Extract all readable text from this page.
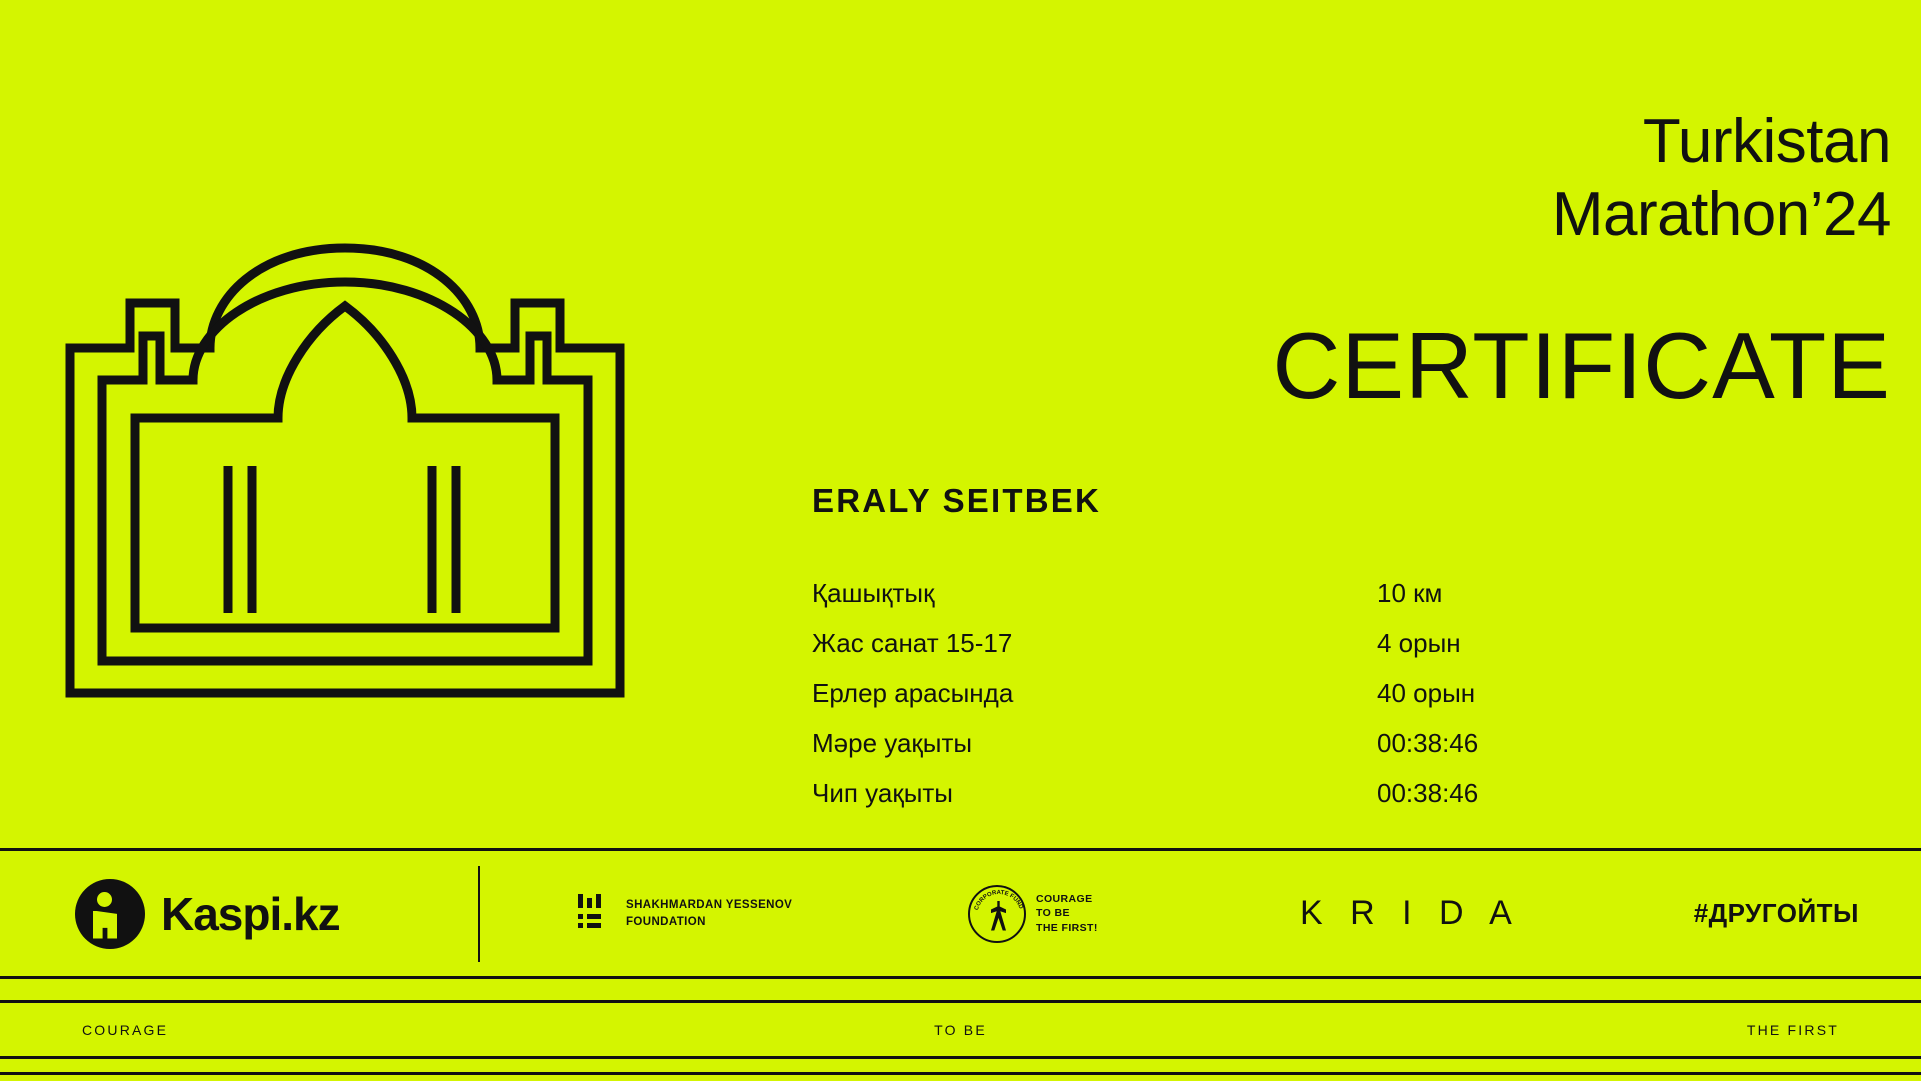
Turkistan
Marathon’24
CERTIFICATE
ERALY SEITBEK
Қашықтық	10 км
Жас санат 15-17	4 орын
Ерлер арасында	40 орын
Мәре уақыты	00:38:46
Чип уақыты	00:38:46
Kaspi.kz	SHAKHMARDAN YESSENOV
FOUNDATION
CORPORATE FUND
COURAGE
TO BE
THE FIRST!	K R I D A	#ДРУГОЙТЫ
COURAGE	TO BE	THE FIRST
